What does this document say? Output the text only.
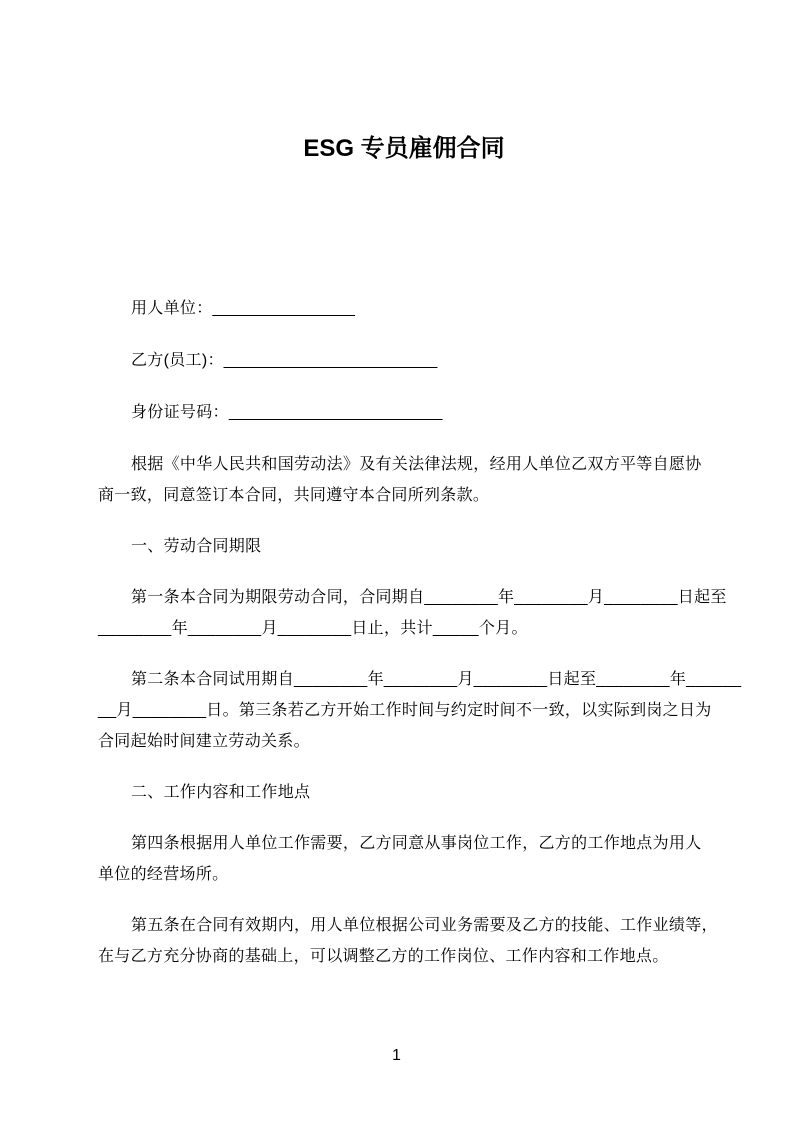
ESG 专员雇佣合同
用人单位：________________
乙方(员工)：________________________
身份证号码：________________________
根据《中华人民共和国劳动法》及有关法律法规，经用人单位乙双方平等自愿协
商一致，同意签订本合同，共同遵守本合同所列条款。
一、劳动合同期限
第一条本合同为期限劳动合同，合同期自________年________月________日起至
________年________月________日止，共计_____个月。
第二条本合同试用期自________年________月________日起至________年______
__月________日。第三条若乙方开始工作时间与约定时间不一致，以实际到岗之日为
合同起始时间建立劳动关系。
二、工作内容和工作地点
第四条根据用人单位工作需要，乙方同意从事岗位工作，乙方的工作地点为用人
单位的经营场所。
第五条在合同有效期内，用人单位根据公司业务需要及乙方的技能、工作业绩等，
在与乙方充分协商的基础上，可以调整乙方的工作岗位、工作内容和工作地点。
1
